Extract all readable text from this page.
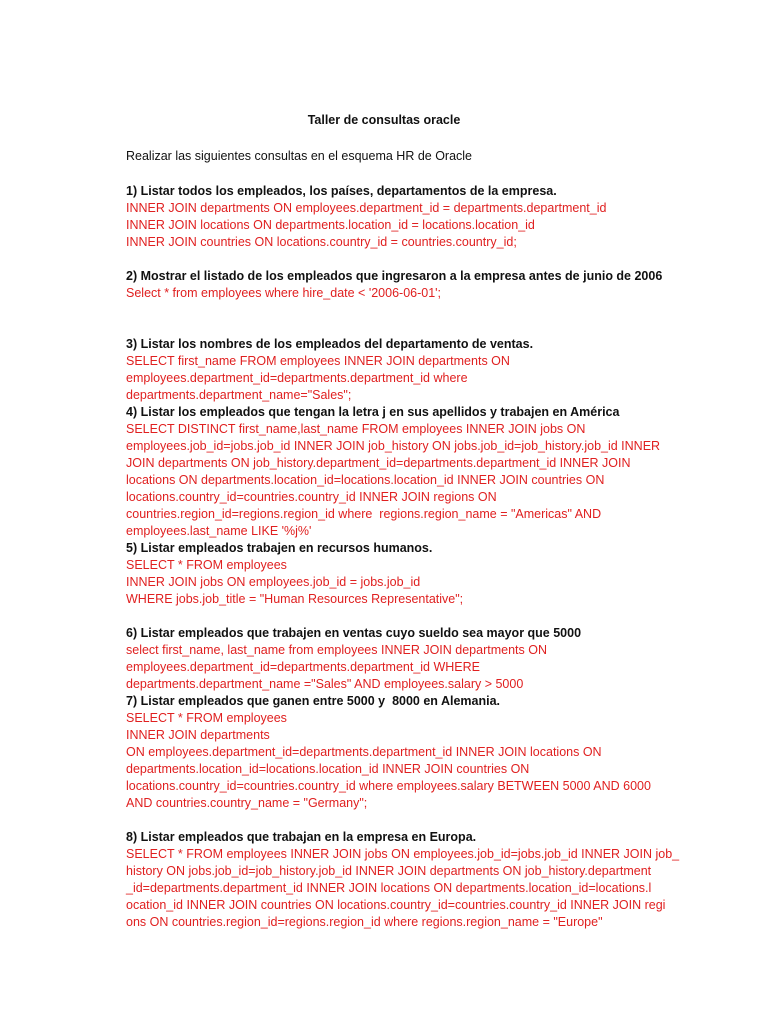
Taller de consultas oracle

Realizar las siguientes consultas en el esquema HR de Oracle

1) Listar todos los empleados, los países, departamentos de la empresa.

INNER JOIN departments ON employees.department_id = departments.department_id
INNER JOIN locations ON departments.location_id = locations.location_id
INNER JOIN countries ON locations.country_id = countries.country_id;

2) Mostrar el listado de los empleados que ingresaron a la empresa antes de junio de 2006

Select * from employees where hire_date < '2006-06-01';

3) Listar los nombres de los empleados del departamento de ventas.

SELECT first_name FROM employees INNER JOIN departments ON
employees.department_id=departments.department_id where
departments.department_name="Sales";

4) Listar los empleados que tengan la letra j en sus apellidos y trabajen en América

SELECT DISTINCT first_name,last_name FROM employees INNER JOIN jobs ON
employees.job_id=jobs.job_id INNER JOIN job_history ON jobs.job_id=job_history.job_id INNER
JOIN departments ON job_history.department_id=departments.department_id INNER JOIN
locations ON departments.location_id=locations.location_id INNER JOIN countries ON
locations.country_id=countries.country_id INNER JOIN regions ON
countries.region_id=regions.region_id where  regions.region_name = "Americas" AND
employees.last_name LIKE '%j%'

5) Listar empleados trabajen en recursos humanos.

SELECT * FROM employees
INNER JOIN jobs ON employees.job_id = jobs.job_id
WHERE jobs.job_title = "Human Resources Representative";

6) Listar empleados que trabajen en ventas cuyo sueldo sea mayor que 5000

select first_name, last_name from employees INNER JOIN departments ON
employees.department_id=departments.department_id WHERE
departments.department_name ="Sales" AND employees.salary > 5000

7) Listar empleados que ganen entre 5000 y  8000 en Alemania.

SELECT * FROM employees
INNER JOIN departments
ON employees.department_id=departments.department_id INNER JOIN locations ON
departments.location_id=locations.location_id INNER JOIN countries ON
locations.country_id=countries.country_id where employees.salary BETWEEN 5000 AND 6000
AND countries.country_name = "Germany";

8) Listar empleados que trabajan en la empresa en Europa.

SELECT * FROM employees INNER JOIN jobs ON employees.job_id=jobs.job_id INNER JOIN job_
history ON jobs.job_id=job_history.job_id INNER JOIN departments ON job_history.department
_id=departments.department_id INNER JOIN locations ON departments.location_id=locations.l
ocation_id INNER JOIN countries ON locations.country_id=countries.country_id INNER JOIN regi
ons ON countries.region_id=regions.region_id where regions.region_name = "Europe"
